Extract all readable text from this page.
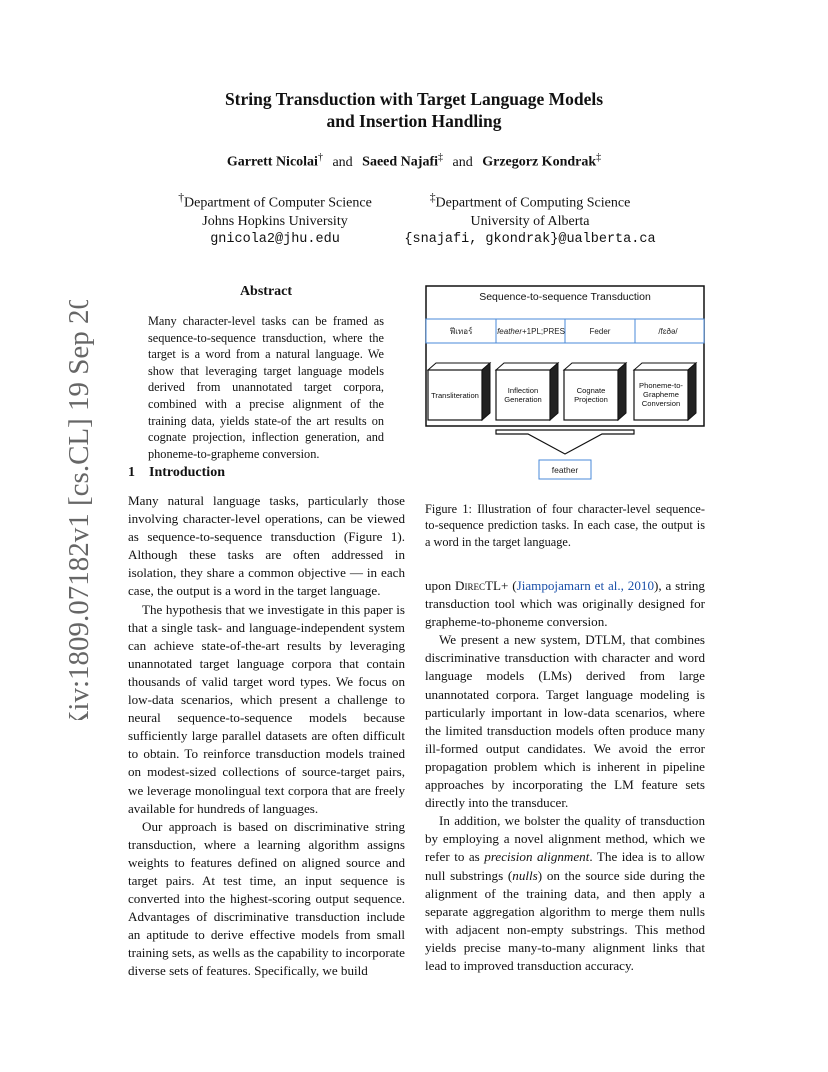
String Transduction with Target Language Models
and Insertion Handling
Garrett Nicolai† and Saeed Najafi‡ and Grzegorz Kondrak‡
†Department of Computer Science
Johns Hopkins University
gnicola2@jhu.edu
‡Department of Computing Science
University of Alberta
{snajafi, gkondrak}@ualberta.ca
arXiv:1809.07182v1 [cs.CL] 19 Sep 2018	Abstract
Many character-level tasks can be framed as sequence-to-sequence transduction, where the target is a word from a natural language. We show that leveraging target language models derived from unannotated target corpora, combined with a precise alignment of the training data, yields state-of the art results on cognate projection, inflection generation, and phoneme-to-grapheme conversion.
1 Introduction

Many natural language tasks, particularly those involving character-level operations, can be viewed as sequence-to-sequence transduction (Figure 1). Although these tasks are often addressed in isolation, they share a common objective — in each case, the output is a word in the target language.

The hypothesis that we investigate in this paper is that a single task- and language-independent system can achieve state-of-the-art results by leveraging unannotated target language corpora that contain thousands of valid target word types. We focus on low-data scenarios, which present a challenge to neural sequence-to-sequence models because sufficiently large parallel datasets are often difficult to obtain. To reinforce transduction models trained on modest-sized collections of source-target pairs, we leverage monolingual text corpora that are freely available for hundreds of languages.

Our approach is based on discriminative string transduction, where a learning algorithm assigns weights to features defined on aligned source and target pairs. At test time, an input sequence is converted into the highest-scoring output sequence. Advantages of discriminative transduction include an aptitude to derive effective models from small training sets, as wells as the capability to incorporate diverse sets of features. Specifically, we build

Sequence-to-sequence Transduction
ฟีเทอร์	feather+1PL;PRES	Feder	/fɛðə/
Transliteration
Inflection
Generation
Cognate
Projection
Phoneme-to-
Grapheme
Conversion
feather
Figure 1: Illustration of four character-level sequence-to-sequence prediction tasks. In each case, the output is a word in the target language.

upon DirecTL+ (Jiampojamarn et al., 2010), a string transduction tool which was originally designed for grapheme-to-phoneme conversion.

We present a new system, DTLM, that combines discriminative transduction with character and word language models (LMs) derived from large unannotated corpora. Target language modeling is particularly important in low-data scenarios, where the limited transduction models often produce many ill-formed output candidates. We avoid the error propagation problem which is inherent in pipeline approaches by incorporating the LM feature sets directly into the transducer.

In addition, we bolster the quality of transduction by employing a novel alignment method, which we refer to as precision alignment. The idea is to allow null substrings (nulls) on the source side during the alignment of the training data, and then apply a separate aggregation algorithm to merge them nulls with adjacent non-empty substrings. This method yields precise many-to-many alignment links that lead to improved transduction accuracy.
